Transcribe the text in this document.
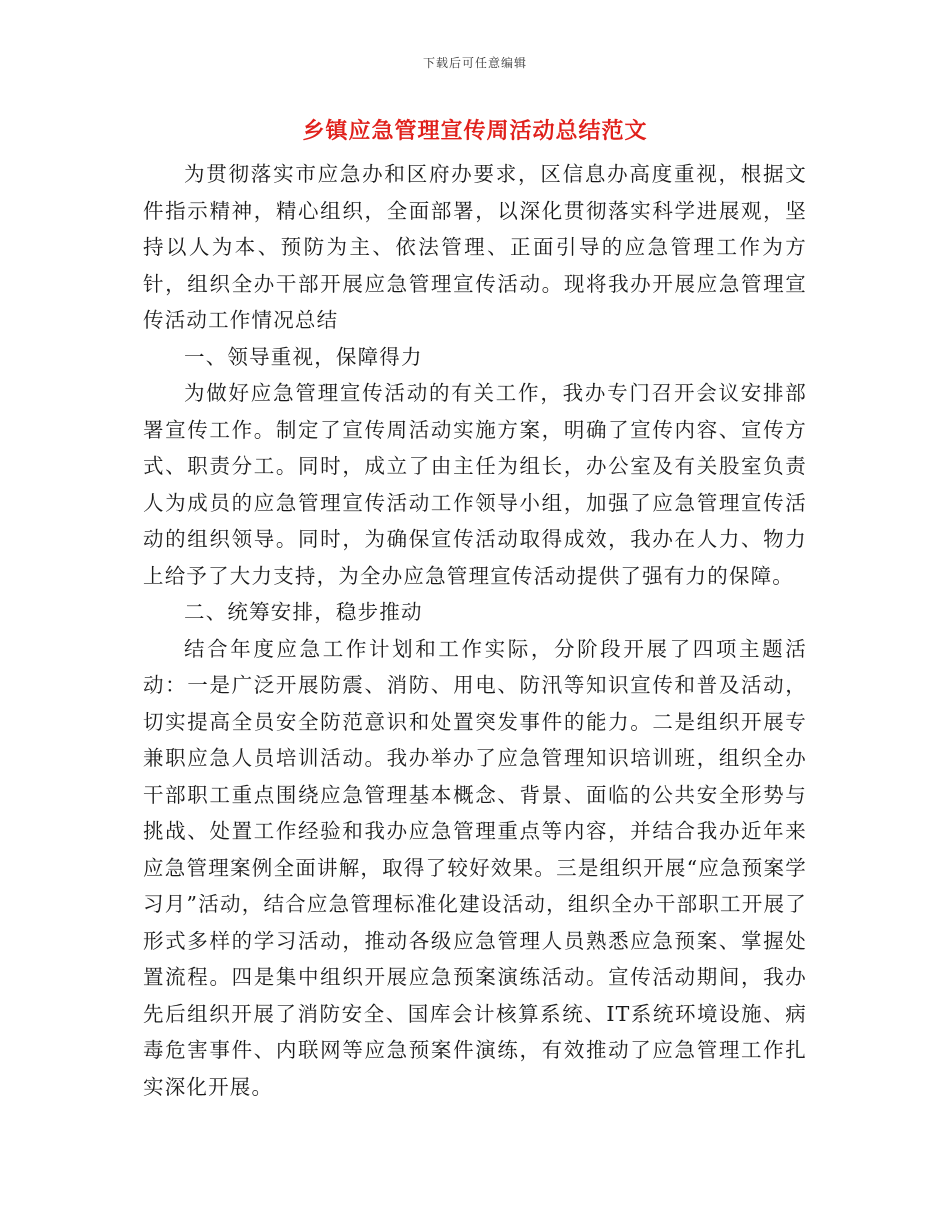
下载后可任意编辑
乡镇应急管理宣传周活动总结范文

为贯彻落实市应急办和区府办要求，区信息办高度重视，根据文件指示精神，精心组织，全面部署，以深化贯彻落实科学进展观，坚持以人为本、预防为主、依法管理、正面引导的应急管理工作为方针，组织全办干部开展应急管理宣传活动。现将我办开展应急管理宣传活动工作情况总结

一、领导重视，保障得力

为做好应急管理宣传活动的有关工作，我办专门召开会议安排部署宣传工作。制定了宣传周活动实施方案，明确了宣传内容、宣传方式、职责分工。同时，成立了由主任为组长，办公室及有关股室负责人为成员的应急管理宣传活动工作领导小组，加强了应急管理宣传活动的组织领导。同时，为确保宣传活动取得成效，我办在人力、物力上给予了大力支持，为全办应急管理宣传活动提供了强有力的保障。

二、统筹安排，稳步推动

结合年度应急工作计划和工作实际，分阶段开展了四项主题活动：一是广泛开展防震、消防、用电、防汛等知识宣传和普及活动，切实提高全员安全防范意识和处置突发事件的能力。二是组织开展专兼职应急人员培训活动。我办举办了应急管理知识培训班，组织全办干部职工重点围绕应急管理基本概念、背景、面临的公共安全形势与挑战、处置工作经验和我办应急管理重点等内容，并结合我办近年来应急管理案例全面讲解，取得了较好效果。三是组织开展“应急预案学习月”活动，结合应急管理标准化建设活动，组织全办干部职工开展了形式多样的学习活动，推动各级应急管理人员熟悉应急预案、掌握处置流程。四是集中组织开展应急预案演练活动。宣传活动期间，我办先后组织开展了消防安全、国库会计核算系统、IT系统环境设施、病毒危害事件、内联网等应急预案件演练，有效推动了应急管理工作扎实深化开展。
